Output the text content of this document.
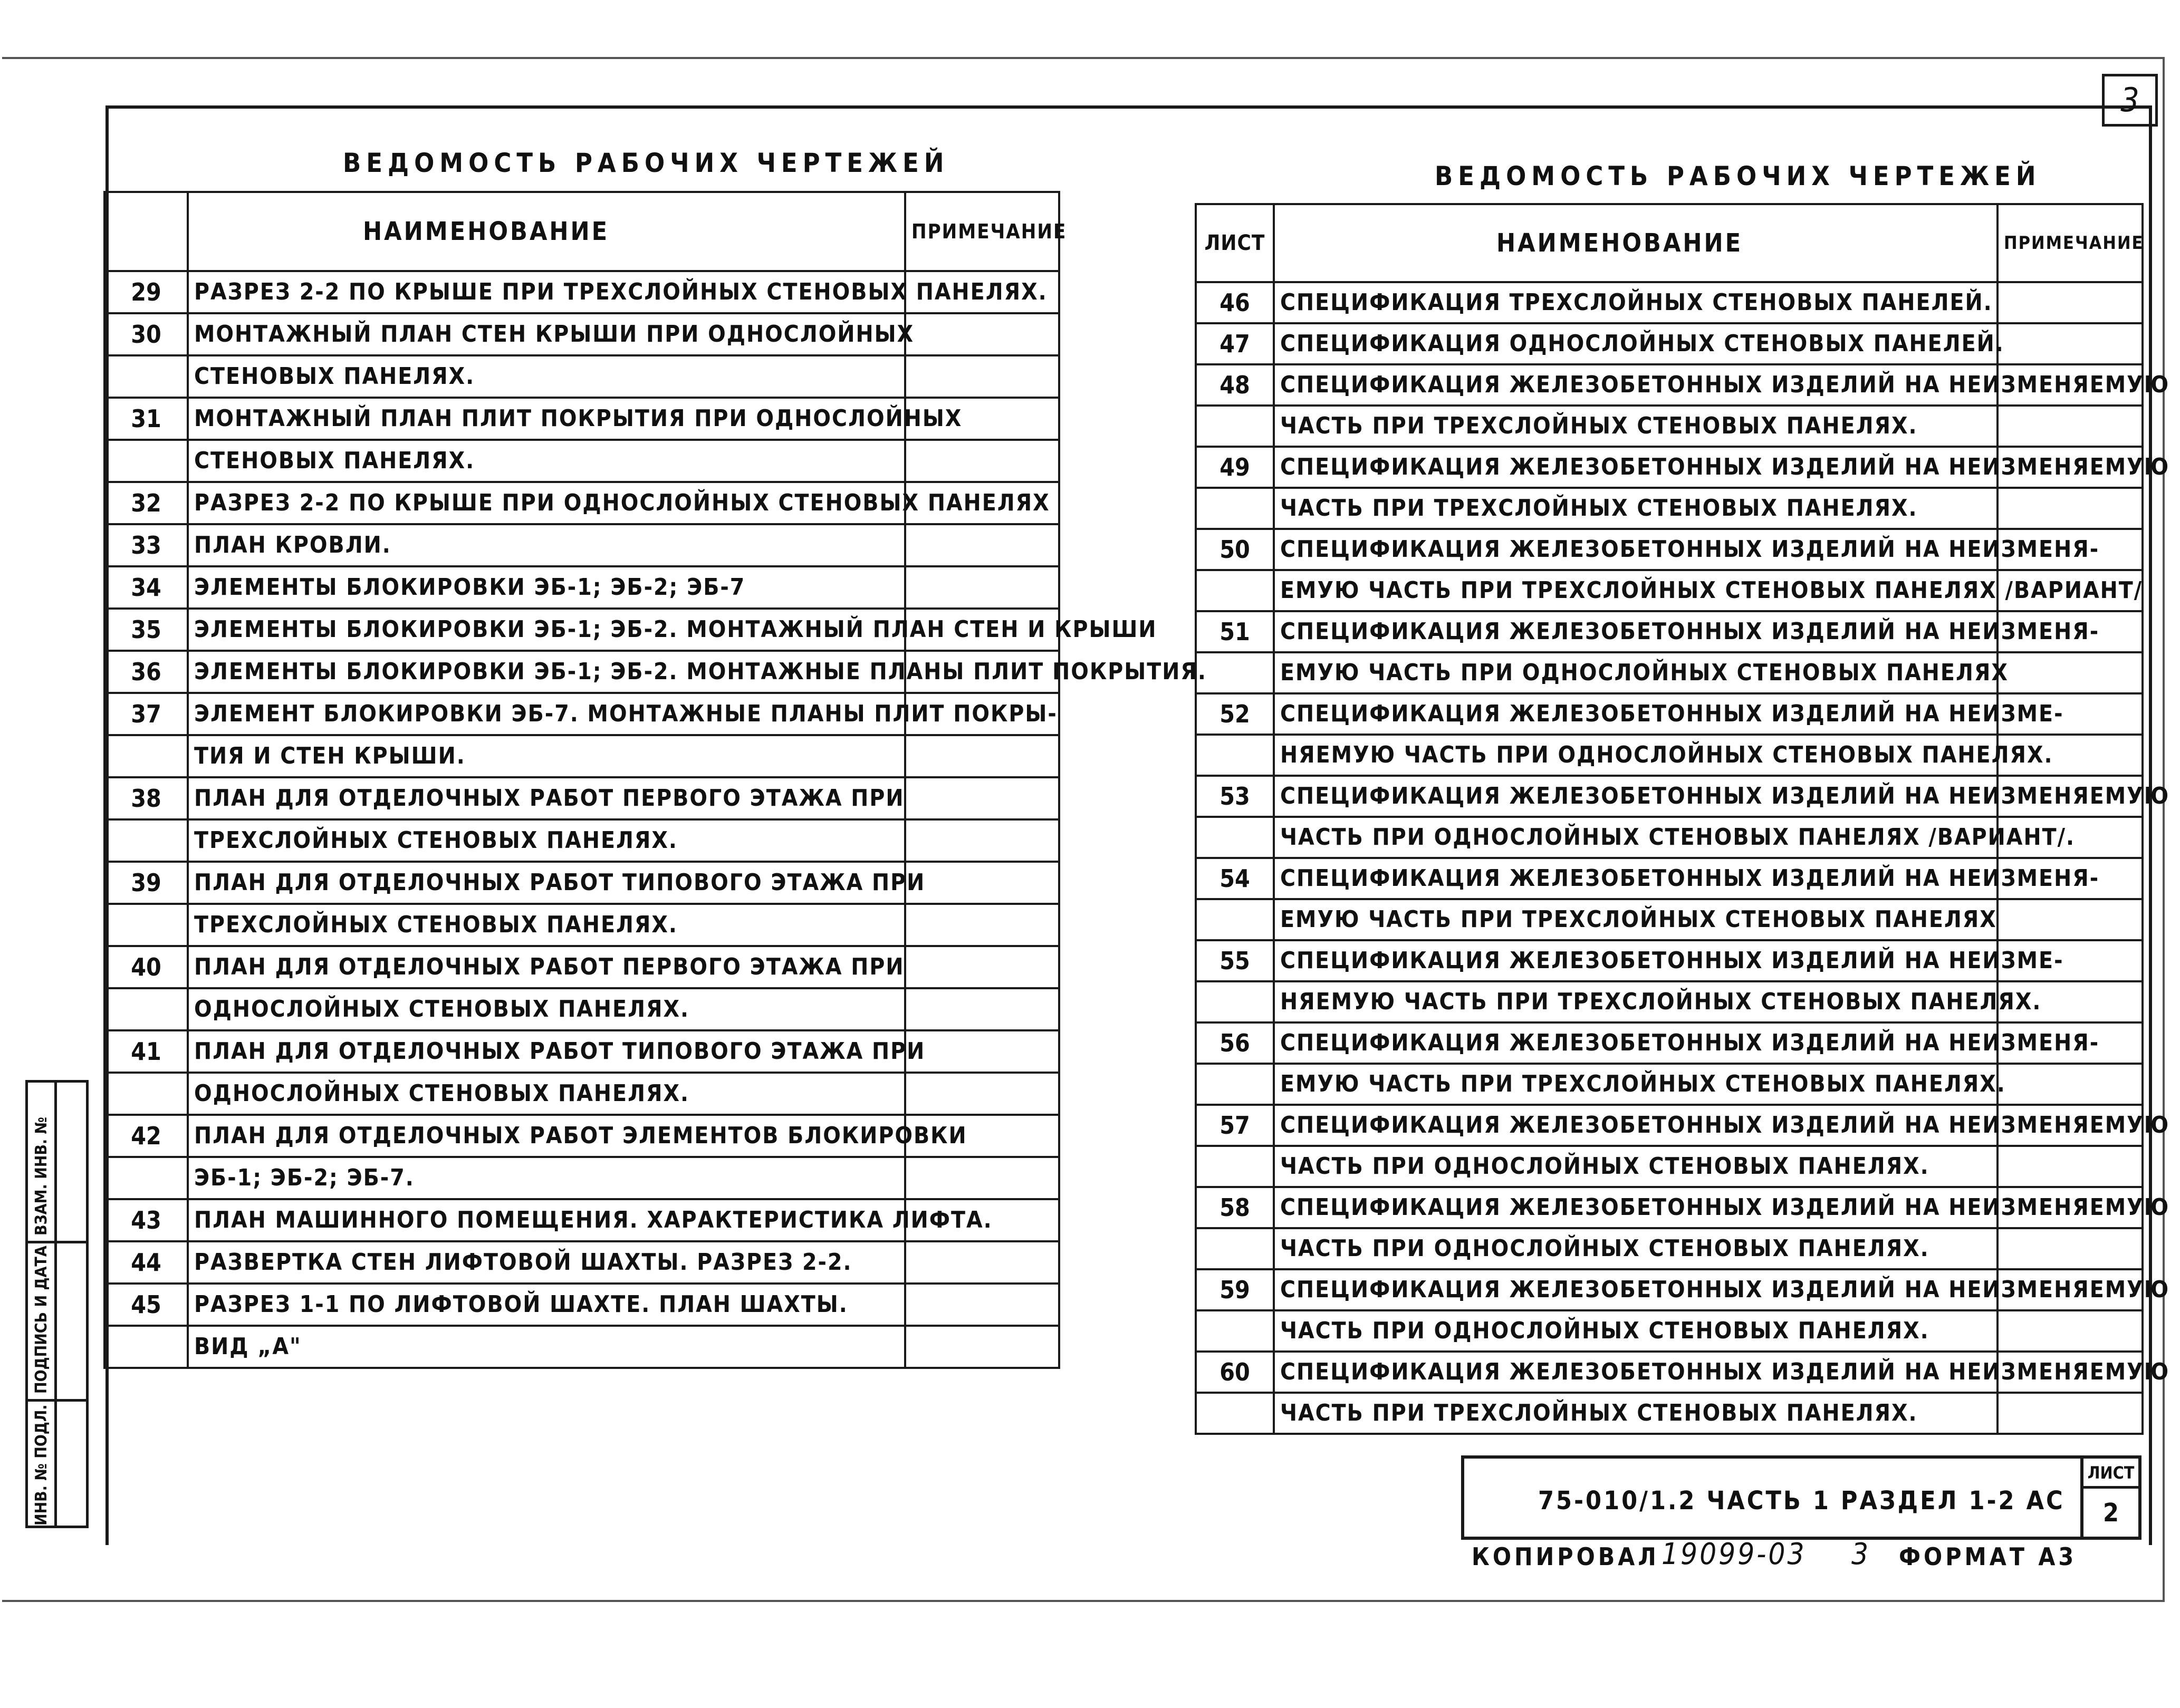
3
ВЕДОМОСТЬ РАБОЧИХ ЧЕРТЕЖЕЙ
	НАИМЕНОВАНИЕ	ПРИМЕЧАНИЕ
29	РАЗРЕЗ 2-2 ПО КРЫШЕ ПРИ ТРЕХСЛОЙНЫХ СТЕНОВЫХ ПАНЕЛЯХ.	
30	МОНТАЖНЫЙ ПЛАН СТЕН КРЫШИ ПРИ ОДНОСЛОЙНЫХ	
	СТЕНОВЫХ ПАНЕЛЯХ.	
31	МОНТАЖНЫЙ ПЛАН ПЛИТ ПОКРЫТИЯ ПРИ ОДНОСЛОЙНЫХ	
	СТЕНОВЫХ ПАНЕЛЯХ.	
32	РАЗРЕЗ 2-2 ПО КРЫШЕ ПРИ ОДНОСЛОЙНЫХ СТЕНОВЫХ ПАНЕЛЯХ	
33	ПЛАН КРОВЛИ.	
34	ЭЛЕМЕНТЫ БЛОКИРОВКИ ЭБ-1; ЭБ-2; ЭБ-7	
35	ЭЛЕМЕНТЫ БЛОКИРОВКИ ЭБ-1; ЭБ-2. МОНТАЖНЫЙ ПЛАН СТЕН И КРЫШИ	
36	ЭЛЕМЕНТЫ БЛОКИРОВКИ ЭБ-1; ЭБ-2. МОНТАЖНЫЕ ПЛАНЫ ПЛИТ ПОКРЫТИЯ.	
37	ЭЛЕМЕНТ БЛОКИРОВКИ ЭБ-7. МОНТАЖНЫЕ ПЛАНЫ ПЛИТ ПОКРЫ-	
	ТИЯ И СТЕН КРЫШИ.	
38	ПЛАН ДЛЯ ОТДЕЛОЧНЫХ РАБОТ ПЕРВОГО ЭТАЖА ПРИ	
	ТРЕХСЛОЙНЫХ СТЕНОВЫХ ПАНЕЛЯХ.	
39	ПЛАН ДЛЯ ОТДЕЛОЧНЫХ РАБОТ ТИПОВОГО ЭТАЖА ПРИ	
	ТРЕХСЛОЙНЫХ СТЕНОВЫХ ПАНЕЛЯХ.	
40	ПЛАН ДЛЯ ОТДЕЛОЧНЫХ РАБОТ ПЕРВОГО ЭТАЖА ПРИ	
	ОДНОСЛОЙНЫХ СТЕНОВЫХ ПАНЕЛЯХ.	
41	ПЛАН ДЛЯ ОТДЕЛОЧНЫХ РАБОТ ТИПОВОГО ЭТАЖА ПРИ	
	ОДНОСЛОЙНЫХ СТЕНОВЫХ ПАНЕЛЯХ.	
42	ПЛАН ДЛЯ ОТДЕЛОЧНЫХ РАБОТ ЭЛЕМЕНТОВ БЛОКИРОВКИ	
	ЭБ-1; ЭБ-2; ЭБ-7.	
43	ПЛАН МАШИННОГО ПОМЕЩЕНИЯ. ХАРАКТЕРИСТИКА ЛИФТА.	
44	РАЗВЕРТКА СТЕН ЛИФТОВОЙ ШАХТЫ. РАЗРЕЗ 2-2.	
45	РАЗРЕЗ 1-1 ПО ЛИФТОВОЙ ШАХТЕ. ПЛАН ШАХТЫ.	
	ВИД „А"	
ВЕДОМОСТЬ РАБОЧИХ ЧЕРТЕЖЕЙ
ЛИСТ	НАИМЕНОВАНИЕ	ПРИМЕЧАНИЕ
46	СПЕЦИФИКАЦИЯ ТРЕХСЛОЙНЫХ СТЕНОВЫХ ПАНЕЛЕЙ.	
47	СПЕЦИФИКАЦИЯ ОДНОСЛОЙНЫХ СТЕНОВЫХ ПАНЕЛЕЙ.	
48	СПЕЦИФИКАЦИЯ ЖЕЛЕЗОБЕТОННЫХ ИЗДЕЛИЙ НА НЕИЗМЕНЯЕМУЮ	
	ЧАСТЬ ПРИ ТРЕХСЛОЙНЫХ СТЕНОВЫХ ПАНЕЛЯХ.	
49	СПЕЦИФИКАЦИЯ ЖЕЛЕЗОБЕТОННЫХ ИЗДЕЛИЙ НА НЕИЗМЕНЯЕМУЮ	
	ЧАСТЬ ПРИ ТРЕХСЛОЙНЫХ СТЕНОВЫХ ПАНЕЛЯХ.	
50	СПЕЦИФИКАЦИЯ ЖЕЛЕЗОБЕТОННЫХ ИЗДЕЛИЙ НА НЕИЗМЕНЯ-	
	ЕМУЮ ЧАСТЬ ПРИ ТРЕХСЛОЙНЫХ СТЕНОВЫХ ПАНЕЛЯХ /ВАРИАНТ/	
51	СПЕЦИФИКАЦИЯ ЖЕЛЕЗОБЕТОННЫХ ИЗДЕЛИЙ НА НЕИЗМЕНЯ-	
	ЕМУЮ ЧАСТЬ ПРИ ОДНОСЛОЙНЫХ СТЕНОВЫХ ПАНЕЛЯХ	
52	СПЕЦИФИКАЦИЯ ЖЕЛЕЗОБЕТОННЫХ ИЗДЕЛИЙ НА НЕИЗМЕ-	
	НЯЕМУЮ ЧАСТЬ ПРИ ОДНОСЛОЙНЫХ СТЕНОВЫХ ПАНЕЛЯХ.	
53	СПЕЦИФИКАЦИЯ ЖЕЛЕЗОБЕТОННЫХ ИЗДЕЛИЙ НА НЕИЗМЕНЯЕМУЮ	
	ЧАСТЬ ПРИ ОДНОСЛОЙНЫХ СТЕНОВЫХ ПАНЕЛЯХ /ВАРИАНТ/.	
54	СПЕЦИФИКАЦИЯ ЖЕЛЕЗОБЕТОННЫХ ИЗДЕЛИЙ НА НЕИЗМЕНЯ-	
	ЕМУЮ ЧАСТЬ ПРИ ТРЕХСЛОЙНЫХ СТЕНОВЫХ ПАНЕЛЯХ	
55	СПЕЦИФИКАЦИЯ ЖЕЛЕЗОБЕТОННЫХ ИЗДЕЛИЙ НА НЕИЗМЕ-	
	НЯЕМУЮ ЧАСТЬ ПРИ ТРЕХСЛОЙНЫХ СТЕНОВЫХ ПАНЕЛЯХ.	
56	СПЕЦИФИКАЦИЯ ЖЕЛЕЗОБЕТОННЫХ ИЗДЕЛИЙ НА НЕИЗМЕНЯ-	
	ЕМУЮ ЧАСТЬ ПРИ ТРЕХСЛОЙНЫХ СТЕНОВЫХ ПАНЕЛЯХ.	
57	СПЕЦИФИКАЦИЯ ЖЕЛЕЗОБЕТОННЫХ ИЗДЕЛИЙ НА НЕИЗМЕНЯЕМУЮ	
	ЧАСТЬ ПРИ ОДНОСЛОЙНЫХ СТЕНОВЫХ ПАНЕЛЯХ.	
58	СПЕЦИФИКАЦИЯ ЖЕЛЕЗОБЕТОННЫХ ИЗДЕЛИЙ НА НЕИЗМЕНЯЕМУЮ	
	ЧАСТЬ ПРИ ОДНОСЛОЙНЫХ СТЕНОВЫХ ПАНЕЛЯХ.	
59	СПЕЦИФИКАЦИЯ ЖЕЛЕЗОБЕТОННЫХ ИЗДЕЛИЙ НА НЕИЗМЕНЯЕМУЮ	
	ЧАСТЬ ПРИ ОДНОСЛОЙНЫХ СТЕНОВЫХ ПАНЕЛЯХ.	
60	СПЕЦИФИКАЦИЯ ЖЕЛЕЗОБЕТОННЫХ ИЗДЕЛИЙ НА НЕИЗМЕНЯЕМУЮ	
	ЧАСТЬ ПРИ ТРЕХСЛОЙНЫХ СТЕНОВЫХ ПАНЕЛЯХ.	
75-010/1.2 ЧАСТЬ 1 РАЗДЕЛ 1-2 АС
ЛИСТ
2
КОПИРОВАЛ 19099-03 3 ФОРМАТ А3
ИНВ. № ПОДЛ.
ПОДПИСЬ И ДАТА
ВЗАМ. ИНВ. №
